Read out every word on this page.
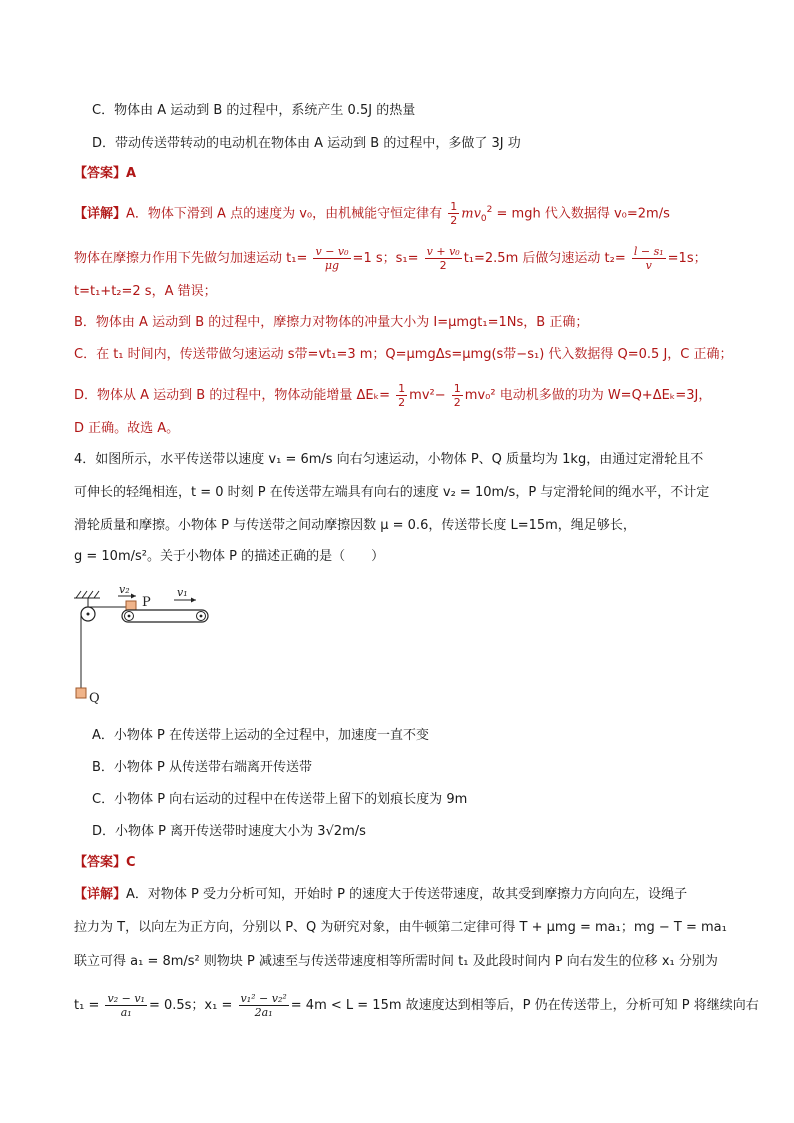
C．物体由 A 运动到 B 的过程中，系统产生 0.5J 的热量
D．带动传送带转动的电动机在物体由 A 运动到 B 的过程中，多做了 3J 功
【答案】A
【详解】A．物体下滑到 A 点的速度为 v₀，由机械能守恒定律有 $\frac{1}{2} mv_0^2$ = mgh 代入数据得 v₀=2m/s
物体在摩擦力作用下先做匀加速运动 $t_1= \frac{\text{v − v₀}}{\mu g} =1$ s；$s_1= \frac{\text{v + v₀}}{2} t_1=2.5m$ 后做匀速运动 $t_2= \frac{\text{l − s₁}}{v} =1s$；
t=t₁+t₂=2 s，A 错误；
B．物体由 A 运动到 B 的过程中，摩擦力对物体的冲量大小为 I=μmgt₁=1Ns，B 正确；
C．在 t₁ 时间内，传送带做匀速运动 s带=vt₁=3 m；Q=μmgΔs=μmg(s带−s₁) 代入数据得 Q=0.5 J，C 正确；
D．物体从 A 运动到 B 的过程中，物体动能增量 $\Delta E_k= \frac{1}{2} mv^2- \frac{1}{2} mv_0^2$ 电动机多做的功为 W=Q+ΔEₖ=3J，
D 正确。故选 A。
4．如图所示，水平传送带以速度 v₁ = 6m/s 向右匀速运动，小物体 P、Q 质量均为 1kg，由通过定滑轮且不
可伸长的轻绳相连，t = 0 时刻 P 在传送带左端具有向右的速度 v₂ = 10m/s，P 与定滑轮间的绳水平，不计定
滑轮质量和摩擦。小物体 P 与传送带之间动摩擦因数 μ = 0.6，传送带长度 L=15m，绳足够长，
g = 10m/s²。关于小物体 P 的描述正确的是（　　）
v₂
P
v₁
Q
A．小物体 P 在传送带上运动的全过程中，加速度一直不变
B．小物体 P 从传送带右端离开传送带
C．小物体 P 向右运动的过程中在传送带上留下的划痕长度为 9m
D．小物体 P 离开传送带时速度大小为 3√2m/s
【答案】C
【详解】A．对物体 P 受力分析可知，开始时 P 的速度大于传送带速度，故其受到摩擦力方向向左，设绳子
拉力为 T，以向左为正方向，分别以 P、Q 为研究对象，由牛顿第二定律可得 T + μmg = ma₁；mg − T = ma₁
联立可得 a₁ = 8m/s² 则物块 P 减速至与传送带速度相等所需时间 t₁ 及此段时间内 P 向右发生的位移 x₁ 分别为
$t_1 = \frac{\text{v₂ − v₁}}{\text{a₁}} = 0.5s$；$x_1 = \frac{\text{v₁² − v₂²}}{\text{2a₁}} = 4m < L = 15m$ 故速度达到相等后，P 仍在传送带上，分析可知 P 将继续向右
